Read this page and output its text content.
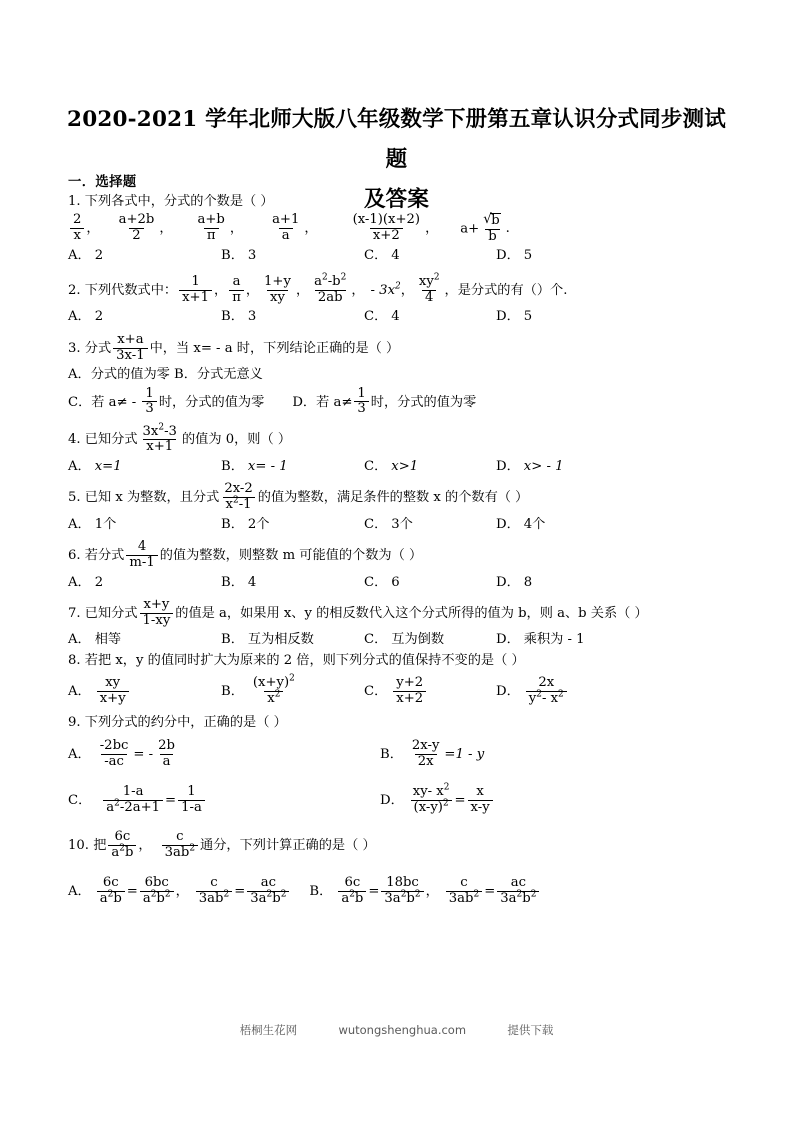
2020-2021 学年北师大版八年级数学下册第五章认识分式同步测试题
及答案
一．选择题
1. 下列各式中，分式的个数是（ ）
$\frac{2}{x}$ ， $\frac{a+2b}{2}$ ， $\frac{a+b}{\pi}$ ， $\frac{a+1}{a}$ ， $\frac{(x-1)(x+2)}{x+2}$ ， a+ √ $\frac{b}{b}$ .
A． 2	B． 3	C． 4	D． 5
2.
下列代数式中： $\frac{1}{x+1}$ ， $\frac{a}{\pi}$ ， $\frac{1+y}{xy}$ ， $\frac{a^2-b^2}{2ab}$ ， - $3x^2$ ， $\frac{xy^2}{4}$ ， 是分式的有（）个.
A． 2	B． 3	C． 4	D． 5
3.
分式 $\frac{x+a}{3x-1}$ 中，当 x= - a 时，下列结论正确的是（ ）
A．分式的值为零 B．分式无意义
C．若 $a\ne - \frac{1}{3}$ 时，分式的值为零 D．若 $a\ne \frac{1}{3}$ 时，分式的值为零
4.
已知分式 $\frac{3x^2-3}{x+1}$ 的值为 0，则（ ）
A． x=1	B． x= - 1	C． x>1	D． x> - 1
5.
已知 x 为整数，且分式 $\frac{2x-2}{x^2-1}$ 的值为整数，满足条件的整数 x 的个数有（ ）
A． 1个	B． 2个	C． 3个	D． 4个
6.
若分式 $\frac{4}{m-1}$ 的值为整数，则整数 m 可能值的个数为（ ）
A． 2	B． 4	C． 6	D． 8
7.
已知分式 $\frac{x+y}{1-xy}$ 的值是 a，如果用 x、y 的相反数代入这个分式所得的值为 b，则 a、b 关系（ ）
A． 相等	B． 互为相反数	C． 互为倒数	D． 乘积为 - 1
8. 若把 x，y 的值同时扩大为原来的 2 倍，则下列分式的值保持不变的是（ ）
A． $\frac{xy}{x+y}$	B． $\frac{(x+y)^2}{x^2}$	C． $\frac{y+2}{x+2}$	D． $\frac{2x}{y^2- x^2}$
9. 下列分式的约分中，正确的是（ ）
A． $\frac{-2bc}{-ac}$ = - $\frac{2b}{a}$	B． $\frac{2x-y}{2x} = 1 - y$
C． $\frac{1-a}{a^2-2a+1} = \frac{1}{1-a}$	D． $\frac{xy- x^2}{(x-y)^2} = \frac{x}{x-y}$
10.
把 $\frac{6c}{a^2b}$ ， $\frac{c}{3ab^2}$ 通分，下列计算正确的是（ ）
A． $\frac{6c}{a^2b} = \frac{6bc}{a^2b^2}$ ， $\frac{c}{3ab^2} = \frac{ac}{3a^2b^2}$ B． $\frac{6c}{a^2b} = \frac{18bc}{3a^2b^2}$ ， $\frac{c}{3ab^2} = \frac{ac}{3a^2b^2}$
梧桐生花网	wutongshenghua.com	提供下载
